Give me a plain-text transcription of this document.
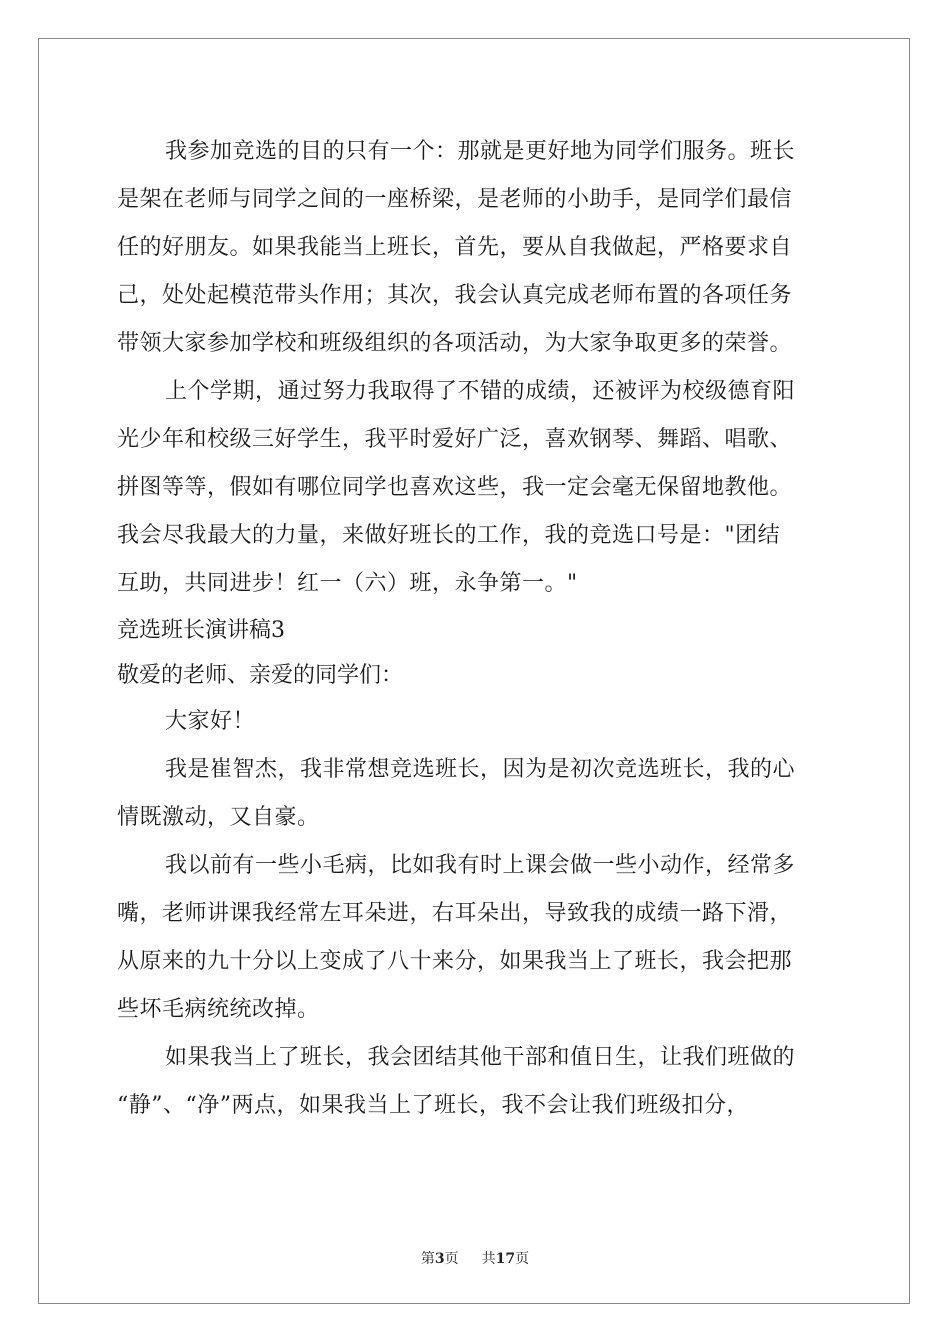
我参加竞选的目的只有一个：那就是更好地为同学们服务。班长
是架在老师与同学之间的一座桥梁，是老师的小助手，是同学们最信
任的好朋友。如果我能当上班长，首先，要从自我做起，严格要求自
己，处处起模范带头作用；其次，我会认真完成老师布置的各项任务
带领大家参加学校和班级组织的各项活动，为大家争取更多的荣誉。
上个学期，通过努力我取得了不错的成绩，还被评为校级德育阳
光少年和校级三好学生，我平时爱好广泛，喜欢钢琴、舞蹈、唱歌、
拼图等等，假如有哪位同学也喜欢这些，我一定会毫无保留地教他。
我会尽我最大的力量，来做好班长的工作，我的竞选口号是："团结
互助，共同进步！红一（六）班，永争第一。"
竞选班长演讲稿3
敬爱的老师、亲爱的同学们：
大家好！
我是崔智杰，我非常想竞选班长，因为是初次竞选班长，我的心
情既激动，又自豪。
我以前有一些小毛病，比如我有时上课会做一些小动作，经常多
嘴，老师讲课我经常左耳朵进，右耳朵出，导致我的成绩一路下滑，
从原来的九十分以上变成了八十来分，如果我当上了班长，我会把那
些坏毛病统统改掉。
如果我当上了班长，我会团结其他干部和值日生，让我们班做的
“静”、“净”两点，如果我当上了班长，我不会让我们班级扣分，
第3页 共17页
